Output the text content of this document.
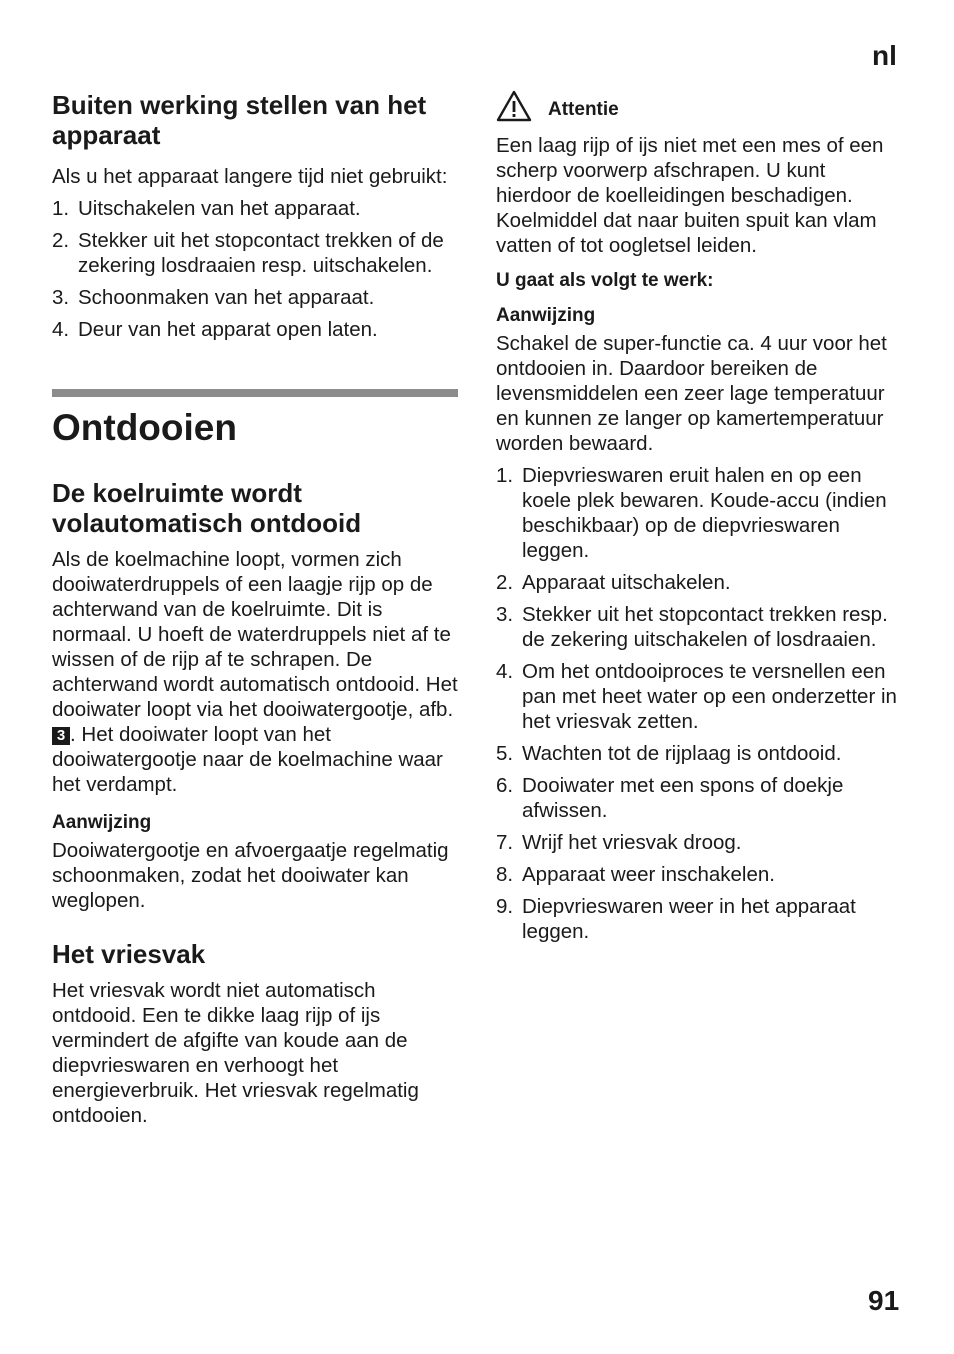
nl
Buiten werking stellen van het apparaat

Als u het apparaat langere tijd niet gebruikt:

1. Uitschakelen van het apparaat.
2. Stekker uit het stopcontact trekken of de zekering losdraaien resp. uitschakelen.
3. Schoonmaken van het apparaat.
4. Deur van het apparat open laten.
Ontdooien
De koelruimte wordt volautomatisch ontdooid

Als de koelmachine loopt, vormen zich dooiwaterdruppels of een laagje rijp op de achterwand van de koelruimte. Dit is normaal. U hoeft de waterdruppels niet af te wissen of de rijp af te schrapen. De achterwand wordt automatisch ontdooid. Het dooiwater loopt via het dooiwatergootje, afb. 3 . Het dooiwater loopt van het dooiwatergootje naar de koelmachine waar het verdampt.

Aanwijzing

Dooiwatergootje en afvoergaatje regelmatig schoonmaken, zodat het dooiwater kan weglopen.

Het vriesvak

Het vriesvak wordt niet automatisch ontdooid. Een te dikke laag rijp of ijs vermindert de afgifte van koude aan de diepvrieswaren en verhoogt het energieverbruik. Het vriesvak regelmatig ontdooien.

Attentie

Een laag rijp of ijs niet met een mes of een scherp voorwerp afschrapen. U kunt hierdoor de koelleidingen beschadigen. Koelmiddel dat naar buiten spuit kan vlam vatten of tot oogletsel leiden.

U gaat als volgt te werk:
Aanwijzing

Schakel de super-functie ca. 4 uur voor het ontdooien in. Daardoor bereiken de levensmiddelen een zeer lage temperatuur en kunnen ze langer op kamertemperatuur worden bewaard.

1. Diepvrieswaren eruit halen en op een koele plek bewaren. Koude-accu (indien beschikbaar) op de diepvrieswaren leggen.
2. Apparaat uitschakelen.
3. Stekker uit het stopcontact trekken resp. de zekering uitschakelen of losdraaien.
4. Om het ontdooiproces te versnellen een pan met heet water op een onderzetter in het vriesvak zetten.
5. Wachten tot de rijplaag is ontdooid.
6. Dooiwater met een spons of doekje afwissen.
7. Wrijf het vriesvak droog.
8. Apparaat weer inschakelen.
9. Diepvrieswaren weer in het apparaat leggen.
91
